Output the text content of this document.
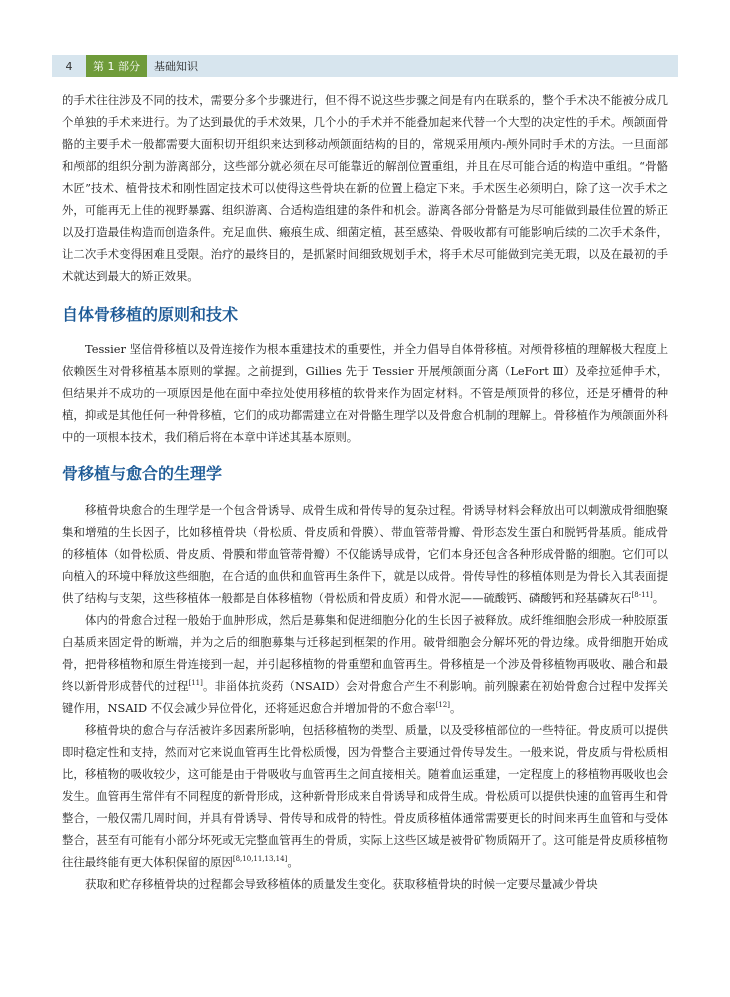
4	第 1 部分	基础知识

的手术往往涉及不同的技术，需要分多个步骤进行，但不得不说这些步骤之间是有内在联系的，整个手术决不能被分成几个单独的手术来进行。为了达到最优的手术效果，几个小的手术并不能叠加起来代替一个大型的决定性的手术。颅颌面骨骼的主要手术一般都需要大面积切开组织来达到移动颅颌面结构的目的，常规采用颅内-颅外同时手术的方法。一旦面部和颅部的组织分割为游离部分，这些部分就必须在尽可能靠近的解剖位置重组，并且在尽可能合适的构造中重组。“骨骼木匠”技术、植骨技术和刚性固定技术可以使得这些骨块在新的位置上稳定下来。手术医生必须明白，除了这一次手术之外，可能再无上佳的视野暴露、组织游离、合适构造组建的条件和机会。游离各部分骨骼是为尽可能做到最佳位置的矫正以及打造最佳构造而创造条件。充足血供、瘢痕生成、细菌定植，甚至感染、骨吸收都有可能影响后续的二次手术条件，让二次手术变得困难且受限。治疗的最终目的，是抓紧时间细致规划手术，将手术尽可能做到完美无瑕，以及在最初的手术就达到最大的矫正效果。

自体骨移植的原则和技术

Tessier 坚信骨移植以及骨连接作为根本重建技术的重要性，并全力倡导自体骨移植。对颅骨移植的理解极大程度上依赖医生对骨移植基本原则的掌握。之前提到，Gillies 先于 Tessier 开展颅颌面分离（LeFort Ⅲ）及牵拉延伸手术，但结果并不成功的一项原因是他在面中牵拉处使用移植的软骨来作为固定材料。不管是颅顶骨的移位，还是牙槽骨的种植，抑或是其他任何一种骨移植，它们的成功都需建立在对骨骼生理学以及骨愈合机制的理解上。骨移植作为颅颌面外科中的一项根本技术，我们稍后将在本章中详述其基本原则。

骨移植与愈合的生理学

移植骨块愈合的生理学是一个包含骨诱导、成骨生成和骨传导的复杂过程。骨诱导材料会释放出可以刺激成骨细胞聚集和增殖的生长因子，比如移植骨块（骨松质、骨皮质和骨膜）、带血管蒂骨瓣、骨形态发生蛋白和脱钙骨基质。能成骨的移植体（如骨松质、骨皮质、骨膜和带血管蒂骨瓣）不仅能诱导成骨，它们本身还包含各种形成骨骼的细胞。它们可以向植入的环境中释放这些细胞，在合适的血供和血管再生条件下，就是以成骨。骨传导性的移植体则是为骨长入其表面提供了结构与支架，这些移植体一般都是自体移植物（骨松质和骨皮质）和骨水泥——硫酸钙、磷酸钙和羟基磷灰石[8-11]。

体内的骨愈合过程一般始于血肿形成，然后是募集和促进细胞分化的生长因子被释放。成纤维细胞会形成一种胶原蛋白基质来固定骨的断端，并为之后的细胞募集与迁移起到框架的作用。破骨细胞会分解坏死的骨边缘。成骨细胞开始成骨，把骨移植物和原生骨连接到一起，并引起移植物的骨重塑和血管再生。骨移植是一个涉及骨移植物再吸收、融合和最终以新骨形成替代的过程[11]。非甾体抗炎药（NSAID）会对骨愈合产生不利影响。前列腺素在初始骨愈合过程中发挥关键作用，NSAID 不仅会减少异位骨化，还将延迟愈合并增加骨的不愈合率[12]。

移植骨块的愈合与存活被许多因素所影响，包括移植物的类型、质量，以及受移植部位的一些特征。骨皮质可以提供即时稳定性和支持，然而对它来说血管再生比骨松质慢，因为骨整合主要通过骨传导发生。一般来说，骨皮质与骨松质相比，移植物的吸收较少，这可能是由于骨吸收与血管再生之间直接相关。随着血运重建，一定程度上的移植物再吸收也会发生。血管再生常伴有不同程度的新骨形成，这种新骨形成来自骨诱导和成骨生成。骨松质可以提供快速的血管再生和骨整合，一般仅需几周时间，并具有骨诱导、骨传导和成骨的特性。骨皮质移植体通常需要更长的时间来再生血管和与受体整合，甚至有可能有小部分坏死或无完整血管再生的骨质，实际上这些区域是被骨矿物质隔开了。这可能是骨皮质移植物往往最终能有更大体积保留的原因[8,10,11,13,14]。

获取和贮存移植骨块的过程都会导致移植体的质量发生变化。获取移植骨块的时候一定要尽量减少骨块
